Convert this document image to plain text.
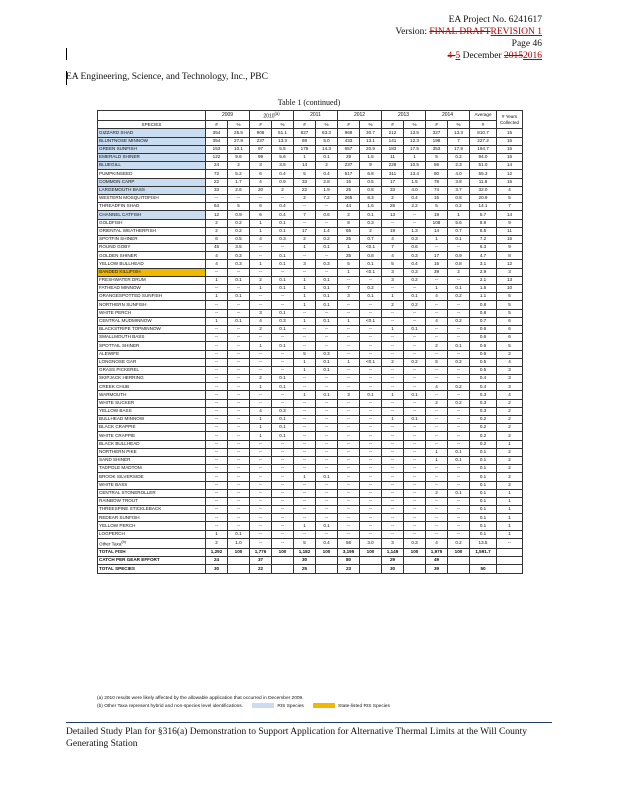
EA Project No. 6241617
Version: FINAL DRAFTREVISION 1
Page 46
4-5 December 20152016
EA Engineering, Science, and Technology, Inc., PBC
Table 1 (continued)
	2009		2010$^{(a)}$		2011		2012		2013		2014		Average	# Years Collected
SPECIES	#	%	#	%	#	%	#	%	#	%	#	%	#	
GIZZARD SHAD	354	25.5	906	51.1	827	63.3	968	30.7	212	13.5	327	13.3	810.7	15
BLUNTNOSE MINNOW	354	27.9	237	13.3	69	5.0	433	13.1	141	12.3	198	7	227.2	15
GREEN SUNFISH	153	10.1	97	5.5	175	14.3	657	20.9	183	17.5	353	17.9	194.7	15
EMERALD SHINER	122	9.6	99	5.6	1	0.1	29	1.5	11	1	5	0.2	94.0	15
BLUEGILL	24	2	3	3.5	14	2	237	9	228	10.5	56	2.3	51.0	14
PUMPKINSEED	72	5.2	6	0.4	5	0.4	517	6.8	311	13.4	80	4.0	55.3	12
COMMON CARP	22	1.7	4	0.9	33	2.8	15	0.5	17	1.5	78	3.8	11.8	15
LARGEMOUTH BASS	33	2.6	20	2	22	1.9	25	0.8	33	4.0	74	3.7	32.0	4
WESTERN MOSQUITOFISH	--	--	--	--	2	7.2	265	8.3	2	0.4	15	0.8	20.9	5
THREADFIN SHAD	64	5	6	0.4	--	--	44	1.6	26	2.2	5	0.2	14.1	7
CHANNEL CATFISH	12	0.9	6	0.4	7	0.6	2	0.1	13	--	19	1	5.7	14
GOLDFISH	2	0.2	1	0.1	--	--	8	0.3	--	--	108	5.6	8.9	9
ORIENTAL WEATHERFISH	2	0.2	1	0.1	17	1.4	65	2	19	1.3	14	0.7	8.5	11
SPOTFIN SHINER	6	0.5	4	0.3	2	0.2	25	0.7	4	0.3	1	0.1	7.2	15
ROUND GOBY	45	3.5	--	--	1	0.1	1	<0.1	7	0.6	--	--	6.3	9
GOLDEN SHINER	4	0.3	--	0.1	--	--	25	0.8	4	0.3	17	0.9	4.7	8
YELLOW BULLHEAD	4	0.3	1	0.1	3	0.3	5	0.1	5	0.4	15	0.8	3.1	12
BANDED KILLIFISH	--	--	--	--	--	--	1	<0.1	3	0.3	39	2	2.9	3
FRESHWATER DRUM	1	0.1	2	0.1	1	0.1	--	--	3	0.2	--	--	2.1	13
FATHEAD MINNOW	--	--	1	0.1	1	0.1	7	0.2	--	--	1	0.1	1.5	10
ORANGESPOTTED SUNFISH	1	0.1	--	--	1	0.1	3	0.1	1	0.1	4	0.2	1.1	5
NORTHERN SUNFISH	--	--	--	--	1	0.1	--	--	2	0.2	--	--	0.8	5
WHITE PERCH	--	--	3	0.1	--	--	--	--	--	--	--	--	0.8	5
CENTRAL MUDMINNOW	1	0.1	4	0.3	1	0.1	1	<0.1	--	--	4	0.2	0.7	6
BLACKSTRIPE TOPMINNOW	--	--	2	0.1	--	--	--	--	1	0.1	--	--	0.6	6
SMALLMOUTH BASS	--	--	--	--	--	--	--	--	--	--	--	--	0.6	6
SPOTTAIL SHINER	--	--	1	0.1	--	--	--	--	--	--	2	0.1	0.6	5
ALEWIFE	--	--	--	--	5	0.3	--	--	--	--	--	--	0.6	2
LONGNOSE GAR	--	--	--	--	1	0.1	1	<0.1	2	0.2	5	0.2	0.5	4
GRASS PICKEREL	--	--	--	--	1	0.1	--	--	--	--	--	--	0.5	3
SKIPJACK HERRING	--	--	2	0.1	--	--	--	--	--	--	--	--	0.4	3
CREEK CHUB	--	--	1	0.1	--	--	--	--	--	--	4	0.2	0.4	3
WARMOUTH	--	--	--	--	1	0.1	3	0.1	1	0.1	--	--	0.3	4
WHITE SUCKER	--	--	--	--	--	--	--	--	--	--	2	0.2	0.3	2
YELLOW BASS	--	--	4	0.3	--	--	--	--	--	--	--	--	0.3	2
BULLHEAD MINNOW	--	--	1	0.1	--	--	--	--	1	0.1	--	--	0.2	2
BLACK CRAPPIE	--	--	1	0.1	--	--	--	--	--	--	--	--	0.2	2
WHITE CRAPPIE	--	--	1	0.1	--	--	--	--	--	--	--	--	0.2	2
BLACK BULLHEAD	--	--	--	--	--	--	--	--	--	--	--	--	0.2	1
NORTHERN PIKE	--	--	--	--	--	--	--	--	--	--	1	0.1	0.1	2
SAND SHINER	--	--	--	--	--	--	--	--	--	--	1	0.1	0.1	2
TADPOLE MADTOM	--	--	--	--	--	--	--	--	--	--	--	--	0.1	2
BROOK SILVERSIDE	--	--	--	--	1	0.1	--	--	--	--	--	--	0.1	2
WHITE BASS	--	--	--	--	--	--	--	--	--	--	--	--	0.1	2
CENTRAL STONEROLLER	--	--	--	--	--	--	--	--	--	--	2	0.1	0.1	1
RAINBOW TROUT	--	--	--	--	--	--	--	--	--	--	--	--	0.1	1
THREESPINE STICKLEBACK	--	--	--	--	--	--	--	--	--	--	--	--	0.1	1
REDEAR SUNFISH	--	--	--	--	--	--	--	--	--	--	--	--	0.1	1
YELLOW PERCH	--	--	--	--	1	0.1	--	--	--	--	--	--	0.1	1
LOGPERCH	1	0.1	--	--	--	--	--	--	--	--	--	--	0.1	1
Other Taxa$^{(b)}$	2	1.0	--	--	5	0.4	56	3.0	3	0.3	4	0.2	13.5	--
TOTAL FISH	1,292	100	1,776	100	1,182	100	3,195	100	1,149	100	1,975	100	1,591.7	
CATCH PER GEAR EFFORT	24		37		30		80		29		49			
TOTAL SPECIES	30		22		25		23		30		39		50	
(a) 2010 results were likely affected by the allowable application that occurred in December 2009.
(b) Other Taxa represent hybrid and non-species level identifications.	RIS Species	State-listed RIS Species
Detailed Study Plan for §316(a) Demonstration to Support Application for Alternative Thermal Limits at the Will County Generating Station
